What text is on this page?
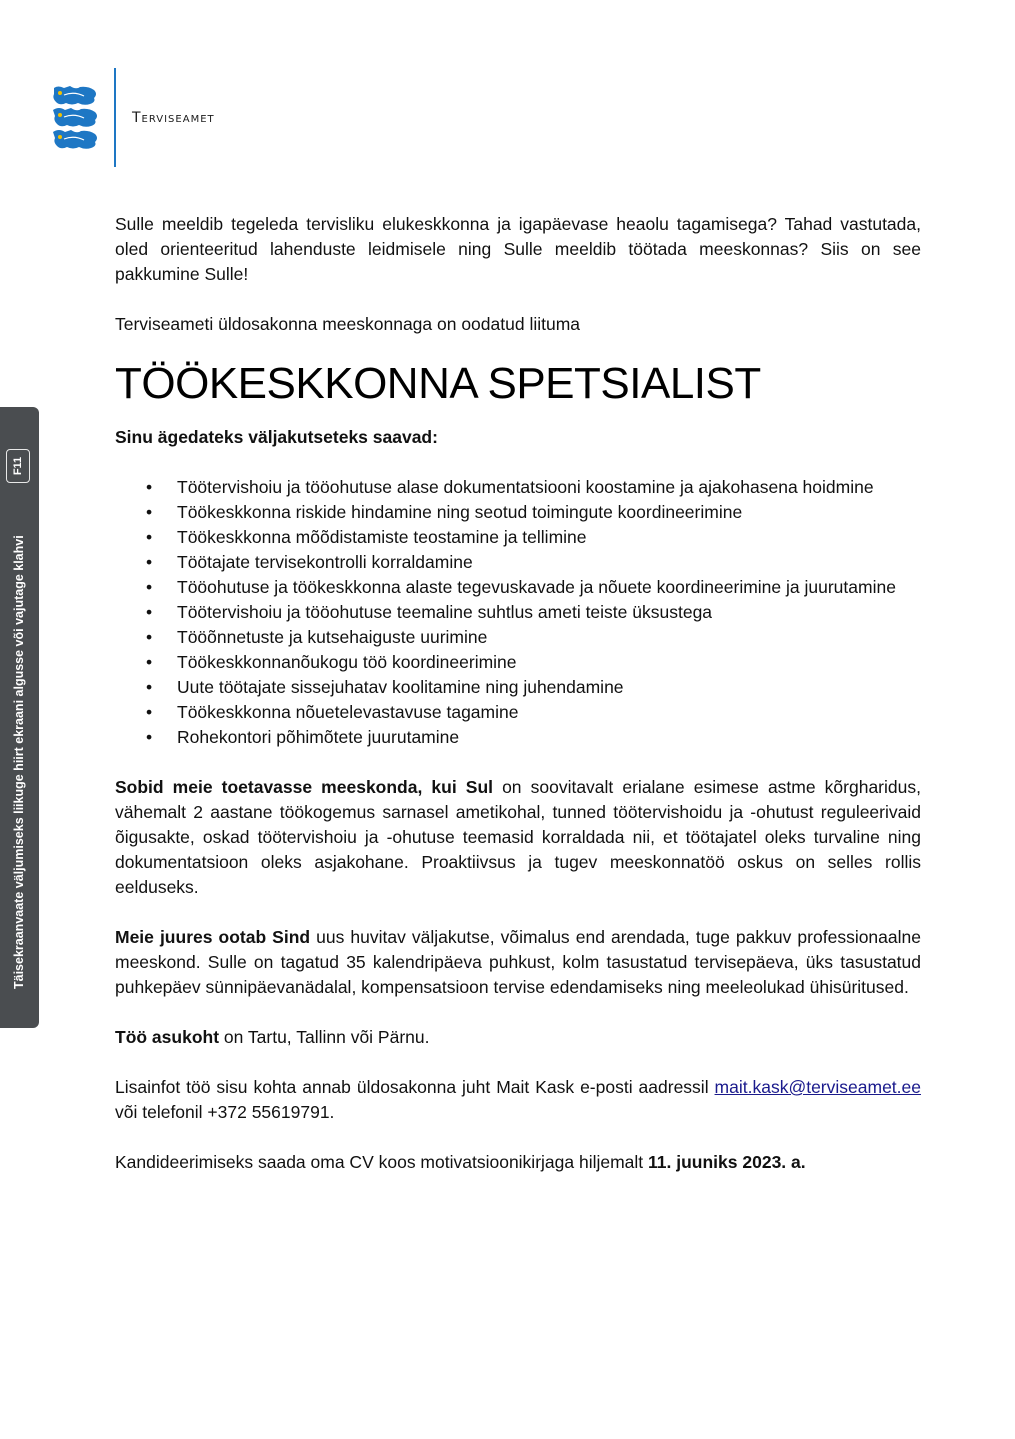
Terviseamet

Sulle meeldib tegeleda tervisliku elukeskkonna ja igapäevase heaolu tagamisega? Tahad vastutada, oled orienteeritud lahenduste leidmisele ning Sulle meeldib töötada meeskonnas? Siis on see pakkumine Sulle!

Terviseameti üldosakonna meeskonnaga on oodatud liituma

TÖÖKESKKONNA SPETSIALIST

Sinu ägedateks väljakutseteks saavad:

• Töötervishoiu ja tööohutuse alase dokumentatsiooni koostamine ja ajakohasena hoidmine
• Töökeskkonna riskide hindamine ning seotud toimingute koordineerimine
• Töökeskkonna mõõdistamiste teostamine ja tellimine
• Töötajate tervisekontrolli korraldamine
• Tööohutuse ja töökeskkonna alaste tegevuskavade ja nõuete koordineerimine ja juurutamine
• Töötervishoiu ja tööohutuse teemaline suhtlus ameti teiste üksustega
• Tööõnnetuste ja kutsehaiguste uurimine
• Töökeskkonnanõukogu töö koordineerimine
• Uute töötajate sissejuhatav koolitamine ning juhendamine
• Töökeskkonna nõuetelevastavuse tagamine
• Rohekontori põhimõtete juurutamine

Sobid meie toetavasse meeskonda, kui Sul on soovitavalt erialane esimese astme kõrgharidus, vähemalt 2 aastane töökogemus sarnasel ametikohal, tunned töötervishoidu ja -ohutust reguleerivaid õigusakte, oskad töötervishoiu ja -ohutuse teemasid korraldada nii, et töötajatel oleks turvaline ning dokumentatsioon oleks asjakohane. Proaktiivsus ja tugev meeskonnatöö oskus on selles rollis eelduseks.

Meie juures ootab Sind uus huvitav väljakutse, võimalus end arendada, tuge pakkuv professionaalne meeskond. Sulle on tagatud 35 kalendripäeva puhkust, kolm tasustatud tervisepäeva, üks tasustatud puhkepäev sünnipäevanädalal, kompensatsioon tervise edendamiseks ning meeleolukad ühisüritused.

Töö asukoht on Tartu, Tallinn või Pärnu.

Lisainfot töö sisu kohta annab üldosakonna juht Mait Kask e-posti aadressil mait.kask@terviseamet.ee või telefonil +372 55619791.

Kandideerimiseks saada oma CV koos motivatsioonikirjaga hiljemalt 11. juuniks 2023. a.

F11
Täisekraanvaate väljumiseks liikuge hiirt ekraani algusse või vajutage klahvi
